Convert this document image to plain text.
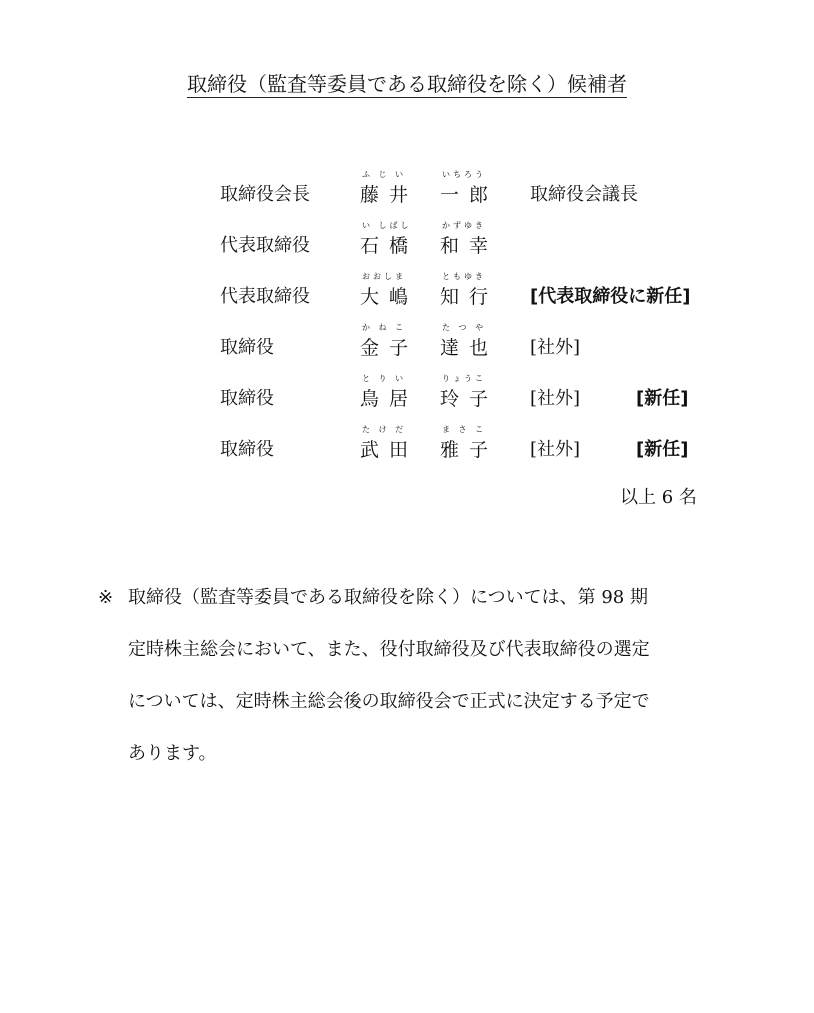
取締役（監査等委員である取締役を除く）候補者
取締役会長
ふ じ い
藤 井
いちろう
一 郎 取締役会議長
代表取締役
い しばし
石 橋
かずゆき
和 幸
代表取締役
おおしま
大 嶋
ともゆき
知 行 [代表取締役に新任]
取締役
か ね こ
金 子
た つ や
達 也 [社外]
取締役
と り い
鳥 居
りょうこ
玲 子 [社外]	[新任]
取締役
た け だ
武 田
ま さ こ
雅 子 [社外]	[新任]
以上 6 名
※ 取締役（監査等委員である取締役を除く）については、第 98 期
定時株主総会において、また、役付取締役及び代表取締役の選定
については、定時株主総会後の取締役会で正式に決定する予定で
あります。
